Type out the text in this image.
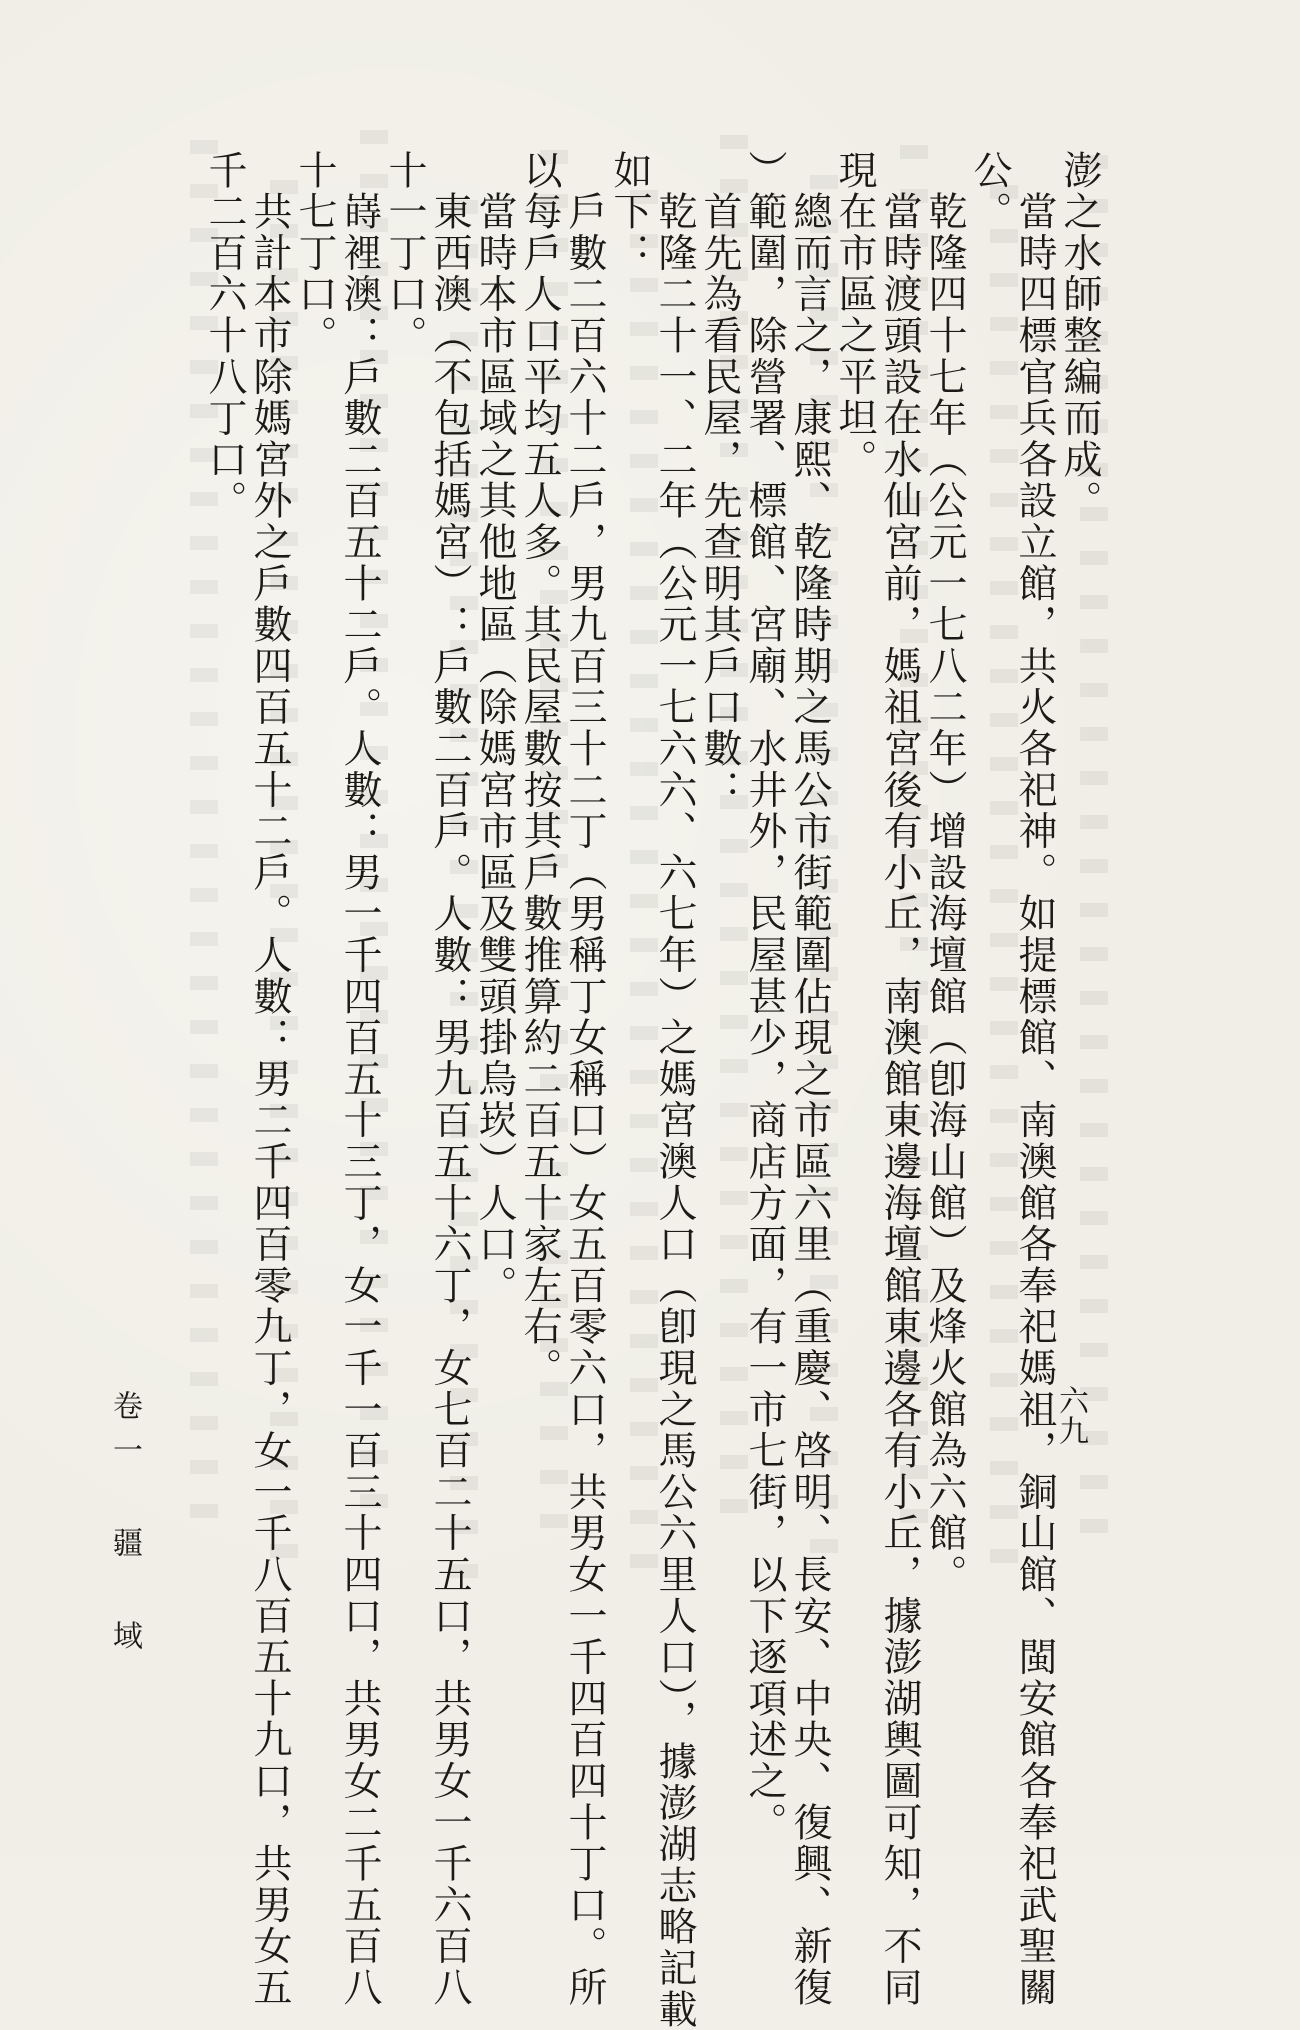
澎之水師整編而成。
　當時四標官兵各設立館，共火各祀神。如提標館、南澳館各奉祀媽祖，銅山館、閩安館各奉祀武聖關
公。
　乾隆四十七年（公元一七八二年）增設海壇館（卽海山館）及烽火館為六館。
　當時渡頭設在水仙宮前，媽祖宮後有小丘，南澳館東邊海壇館東邊各有小丘，據澎湖輿圖可知，不同
現在市區之平坦。
　總而言之，康熙、乾隆時期之馬公市街範圍佔現之市區六里（重慶、啓明、長安、中央、復興、新復
）範圍，除營署、標館、宮廟、水井外，民屋甚少，商店方面，有一市七街，以下逐項述之。
　首先為看民屋，先查明其戶口數：
　乾隆二十一、二年（公元一七六六、六七年）之媽宮澳人口（卽現之馬公六里人口），據澎湖志略記載
如下：
　戶數二百六十二戶，男九百三十二丁（男稱丁女稱口）女五百零六口，共男女一千四百四十丁口。所
以每戶人口平均五人多。其民屋數按其戶數推算約二百五十家左右。
　當時本市區域之其他地區（除媽宮市區及雙頭掛烏崁）人口。
　東西澳（不包括媽宮）：戶數二百戶。人數：男九百五十六丁，女七百二十五口，共男女一千六百八
十一丁口。
　嵵裡澳：戶數二百五十二戶。人數：男一千四百五十三丁，女一千一百三十四口，共男女二千五百八
十七丁口。
　共計本市除媽宮外之戶數四百五十二戶。人數：男二千四百零九丁，女一千八百五十九口，共男女五
千二百六十八丁口。
六九
卷一 疆 域
